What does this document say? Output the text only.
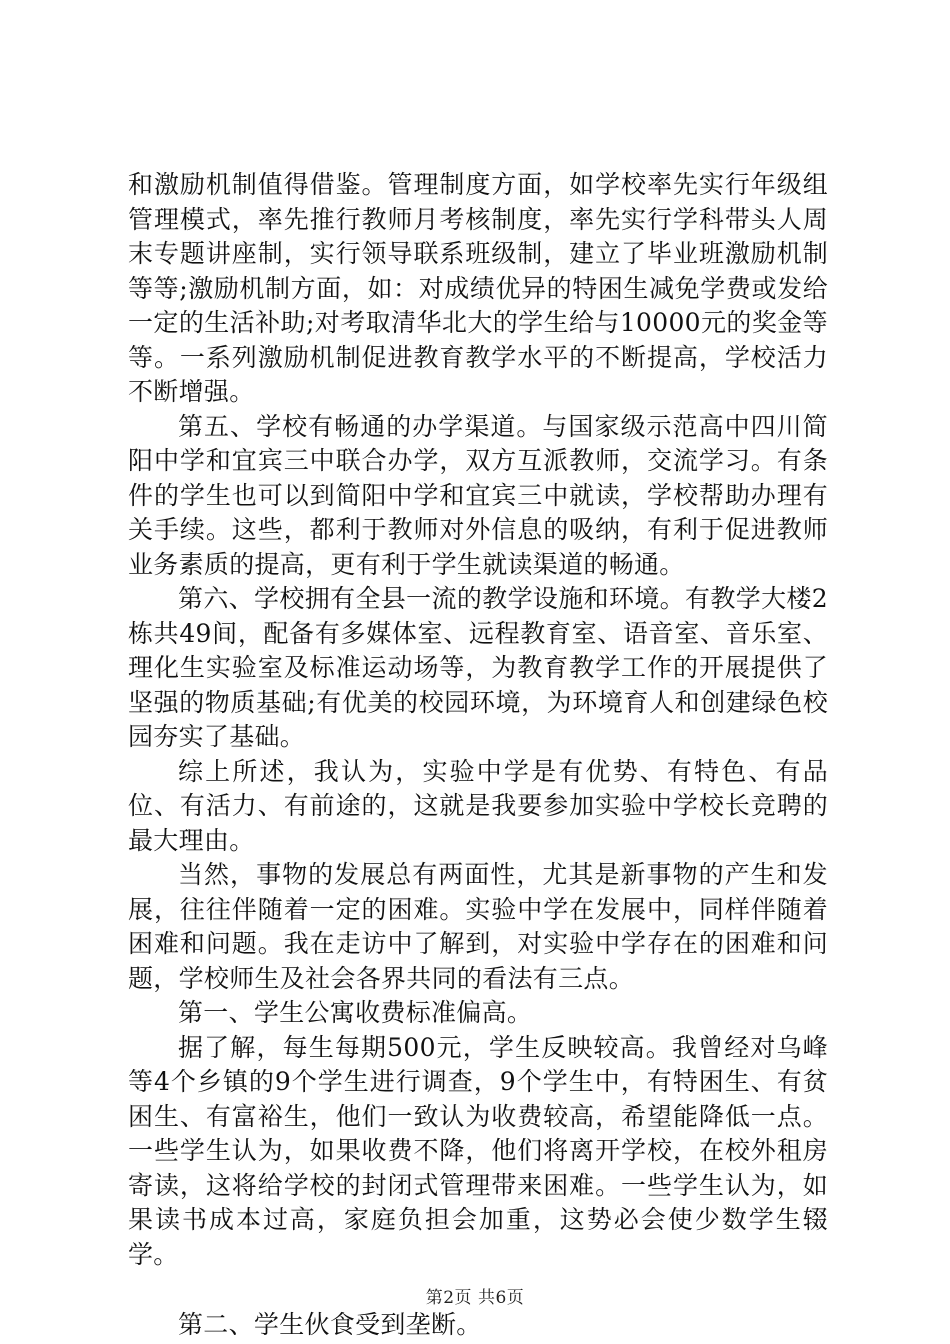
和激励机制值得借鉴。管理制度方面，如学校率先实行年级组管理模式，率先推行教师月考核制度，率先实行学科带头人周末专题讲座制，实行领导联系班级制，建立了毕业班激励机制等等;激励机制方面，如：对成绩优异的特困生减免学费或发给一定的生活补助;对考取清华北大的学生给与10000元的奖金等等。一系列激励机制促进教育教学水平的不断提高，学校活力不断增强。

第五、学校有畅通的办学渠道。与国家级示范高中四川简阳中学和宜宾三中联合办学，双方互派教师，交流学习。有条件的学生也可以到简阳中学和宜宾三中就读，学校帮助办理有关手续。这些，都利于教师对外信息的吸纳，有利于促进教师业务素质的提高，更有利于学生就读渠道的畅通。

第六、学校拥有全县一流的教学设施和环境。有教学大楼2栋共49间，配备有多媒体室、远程教育室、语音室、音乐室、理化生实验室及标准运动场等，为教育教学工作的开展提供了坚强的物质基础;有优美的校园环境，为环境育人和创建绿色校园夯实了基础。

综上所述，我认为，实验中学是有优势、有特色、有品位、有活力、有前途的，这就是我要参加实验中学校长竞聘的最大理由。

当然，事物的发展总有两面性，尤其是新事物的产生和发展，往往伴随着一定的困难。实验中学在发展中，同样伴随着困难和问题。我在走访中了解到，对实验中学存在的困难和问题，学校师生及社会各界共同的看法有三点。

第一、学生公寓收费标准偏高。

据了解，每生每期500元，学生反映较高。我曾经对乌峰等4个乡镇的9个学生进行调查，9个学生中，有特困生、有贫困生、有富裕生，他们一致认为收费较高，希望能降低一点。一些学生认为，如果收费不降，他们将离开学校，在校外租房寄读，这将给学校的封闭式管理带来困难。一些学生认为，如果读书成本过高，家庭负担会加重，这势必会使少数学生辍学。

第二、学生伙食受到垄断。

第2页 共6页
